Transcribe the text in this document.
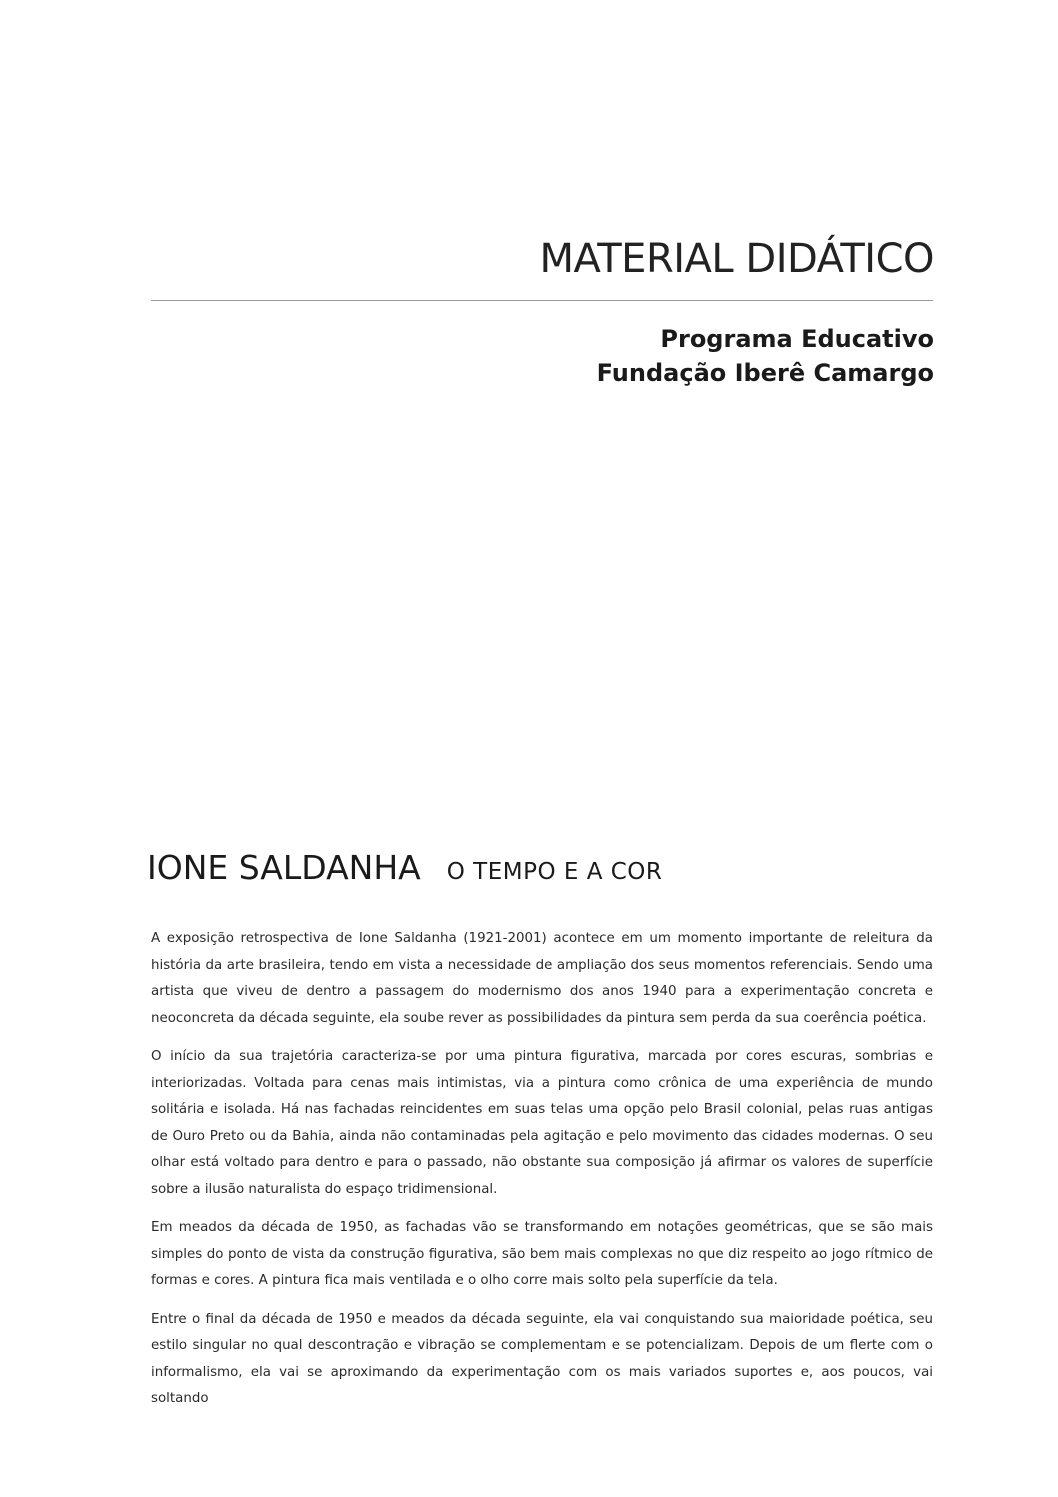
MATERIAL DIDÁTICO
Programa Educativo
Fundação Iberê Camargo
IONE SALDANHA O TEMPO E A COR

A exposição retrospectiva de Ione Saldanha (1921-2001) acontece em um momento importante de releitura da história da arte brasileira, tendo em vista a necessidade de ampliação dos seus momentos referenciais. Sendo uma artista que viveu de dentro a passagem do modernismo dos anos 1940 para a experimentação concreta e neoconcreta da década seguinte, ela soube rever as possibilidades da pintura sem perda da sua coerência poética.

O início da sua trajetória caracteriza-se por uma pintura figurativa, marcada por cores escuras, sombrias e interiorizadas. Voltada para cenas mais intimistas, via a pintura como crônica de uma experiência de mundo solitária e isolada. Há nas fachadas reincidentes em suas telas uma opção pelo Brasil colonial, pelas ruas antigas de Ouro Preto ou da Bahia, ainda não contaminadas pela agitação e pelo movimento das cidades modernas. O seu olhar está voltado para dentro e para o passado, não obstante sua composição já afirmar os valores de superfície sobre a ilusão naturalista do espaço tridimensional.

Em meados da década de 1950, as fachadas vão se transformando em notações geométricas, que se são mais simples do ponto de vista da construção figurativa, são bem mais complexas no que diz respeito ao jogo rítmico de formas e cores. A pintura fica mais ventilada e o olho corre mais solto pela superfície da tela.

Entre o final da década de 1950 e meados da década seguinte, ela vai conquistando sua maioridade poética, seu estilo singular no qual descontração e vibração se complementam e se potencializam. Depois de um flerte com o informalismo, ela vai se aproximando da experimentação com os mais variados suportes e, aos poucos, vai soltando
